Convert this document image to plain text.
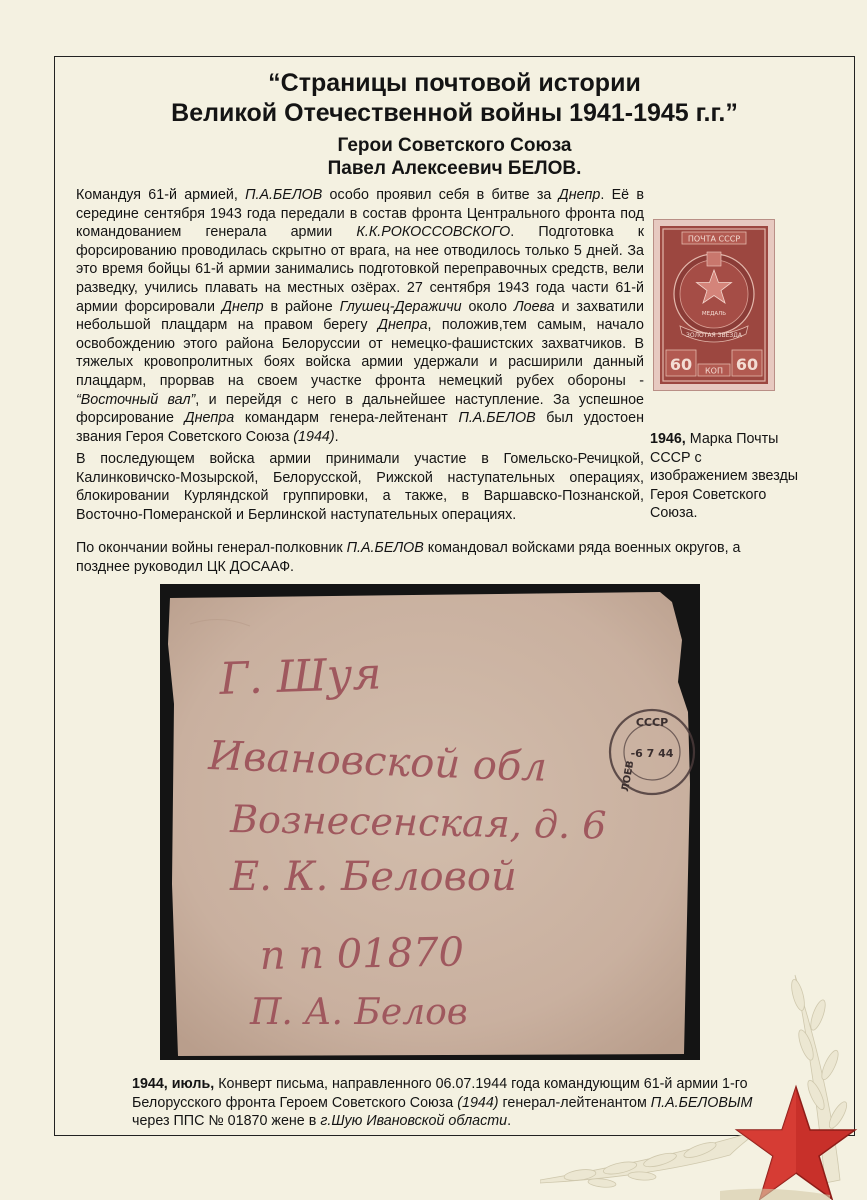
“Страницы почтовой истории
Великой Отечественной войны 1941-1945 г.г.”
Герои Советского Союза
Павел Алексеевич БЕЛОВ.

Командуя 61-й армией, П.А.БЕЛОВ особо проявил себя в битве за Днепр. Её в середине сентября 1943 года передали в состав фронта Центрального фронта под командованием генерала армии К.К.РОКОССОВСКОГО. Подготовка к форсированию проводилась скрытно от врага, на нее отводилось только 5 дней. За это время бойцы 61-й армии занимались подготовкой переправочных средств, вели разведку, учились плавать на местных озёрах. 27 сентября 1943 года части 61-й армии форсировали Днепр в районе Глушец-Деражичи около Лоева и захватили небольшой плацдарм на правом берегу Днепра, положив,тем самым, начало освобождению этого района Белоруссии от немецко-фашистских захватчиков. В тяжелых кровопролитных боях войска армии удержали и расширили данный плацдарм, прорвав на своем участке фронта немецкий рубех обороны - “Восточный вал”, и перейдя с него в дальнейшее наступление. За успешное форсирование Днепра командарм генера-лейтенант П.А.БЕЛОВ был удостоен звания Героя Советского Союза (1944).

В последующем войска армии принимали участие в Гомельско-Речицкой, Калинковичско-Мозырской, Белорусской, Рижской наступательных операциях, блокировании Курляндской группировки, а также, в Варшавско-Познанской, Восточно-Померанской и Берлинской наступательных операциях.

По окончании войны генерал-полковник П.А.БЕЛОВ командовал войсками ряда военных округов, а позднее руководил ЦК ДОСААФ.

ПОЧТА СССР
МЕДАЛЬ
ЗОЛОТАЯ ЗВЕЗДА
60	60
КОП
1946, Марка Почты СССР с изображением звезды Героя Советского Союза.
СССР
-6 7 44
ЛОЕВ
Г. Шуя
Ивановской обл
Вознесенская, д. 6
Е. К. Беловой
п п 01870
П. А. Белов
1944, июль, Конверт письма, направленного 06.07.1944 года командующим 61-й армии 1-го Белорусского фронта Героем Советского Союза (1944) генерал-лейтенантом П.А.БЕЛОВЫМ через ППС № 01870 жене в г.Шую Ивановской области.
